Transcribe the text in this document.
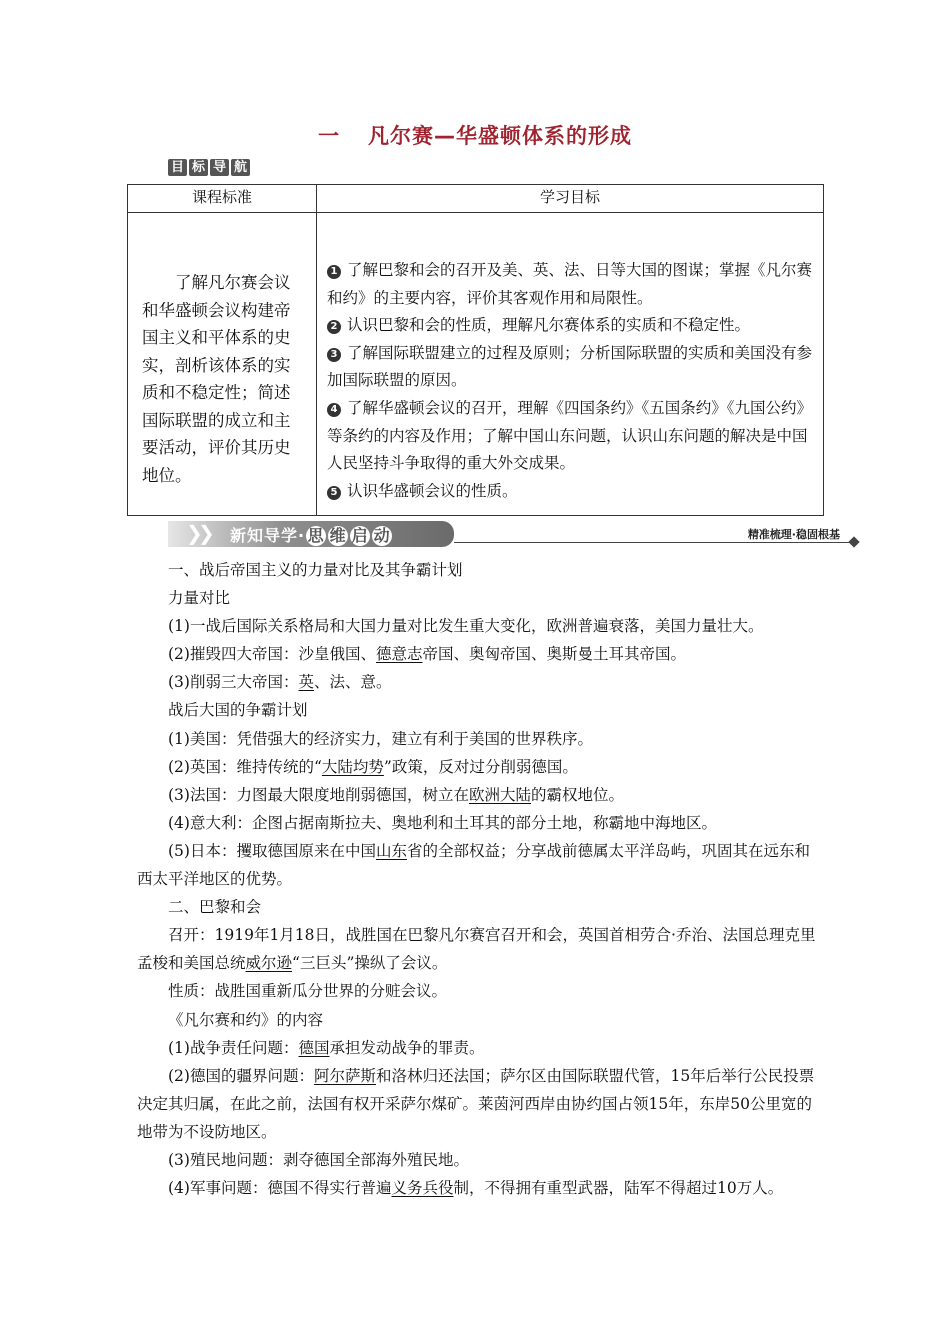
一 凡尔赛—华盛顿体系的形成
目 标 导 航
课程标准	学习目标

了解凡尔赛会议和华盛顿会议构建帝国主义和平体系的史实，剖析该体系的实质和不稳定性；简述国际联盟的成立和主要活动，评价其历史地位。	1 了解巴黎和会的召开及美、英、法、日等大国的图谋；掌握《凡尔赛和约》的主要内容，评价其客观作用和局限性。

2 认识巴黎和会的性质，理解凡尔赛体系的实质和不稳定性。

3 了解国际联盟建立的过程及原则；分析国际联盟的实质和美国没有参加国际联盟的原因。

4 了解华盛顿会议的召开，理解《四国条约》《五国条约》《九国公约》等条约的内容及作用；了解中国山东问题，认识山东问题的解决是中国人民坚持斗争取得的重大外交成果。

5 认识华盛顿会议的性质。

❯
❯ 新知导学· 思 维 启 动	精准梳理·稳固根基

一、战后帝国主义的力量对比及其争霸计划

力量对比

(1)一战后国际关系格局和大国力量对比发生重大变化，欧洲普遍衰落，美国力量壮大。

(2)摧毁四大帝国：沙皇俄国、德意志帝国、奥匈帝国、奥斯曼土耳其帝国。

(3)削弱三大帝国：英、法、意。

战后大国的争霸计划

(1)美国：凭借强大的经济实力，建立有利于美国的世界秩序。

(2)英国：维持传统的“大陆均势”政策，反对过分削弱德国。

(3)法国：力图最大限度地削弱德国，树立在欧洲大陆的霸权地位。

(4)意大利：企图占据南斯拉夫、奥地利和土耳其的部分土地，称霸地中海地区。

(5)日本：攫取德国原来在中国山东省的全部权益；分享战前德属太平洋岛屿，巩固其在远东和西太平洋地区的优势。

二、巴黎和会

召开：1919年1月18日，战胜国在巴黎凡尔赛宫召开和会，英国首相劳合·乔治、法国总理克里孟梭和美国总统威尔逊“三巨头”操纵了会议。

性质：战胜国重新瓜分世界的分赃会议。

《凡尔赛和约》的内容

(1)战争责任问题：德国承担发动战争的罪责。

(2)德国的疆界问题：阿尔萨斯和洛林归还法国；萨尔区由国际联盟代管，15年后举行公民投票决定其归属，在此之前，法国有权开采萨尔煤矿。莱茵河西岸由协约国占领15年，东岸50公里宽的地带为不设防地区。

(3)殖民地问题：剥夺德国全部海外殖民地。

(4)军事问题：德国不得实行普遍义务兵役制，不得拥有重型武器，陆军不得超过10万人。
